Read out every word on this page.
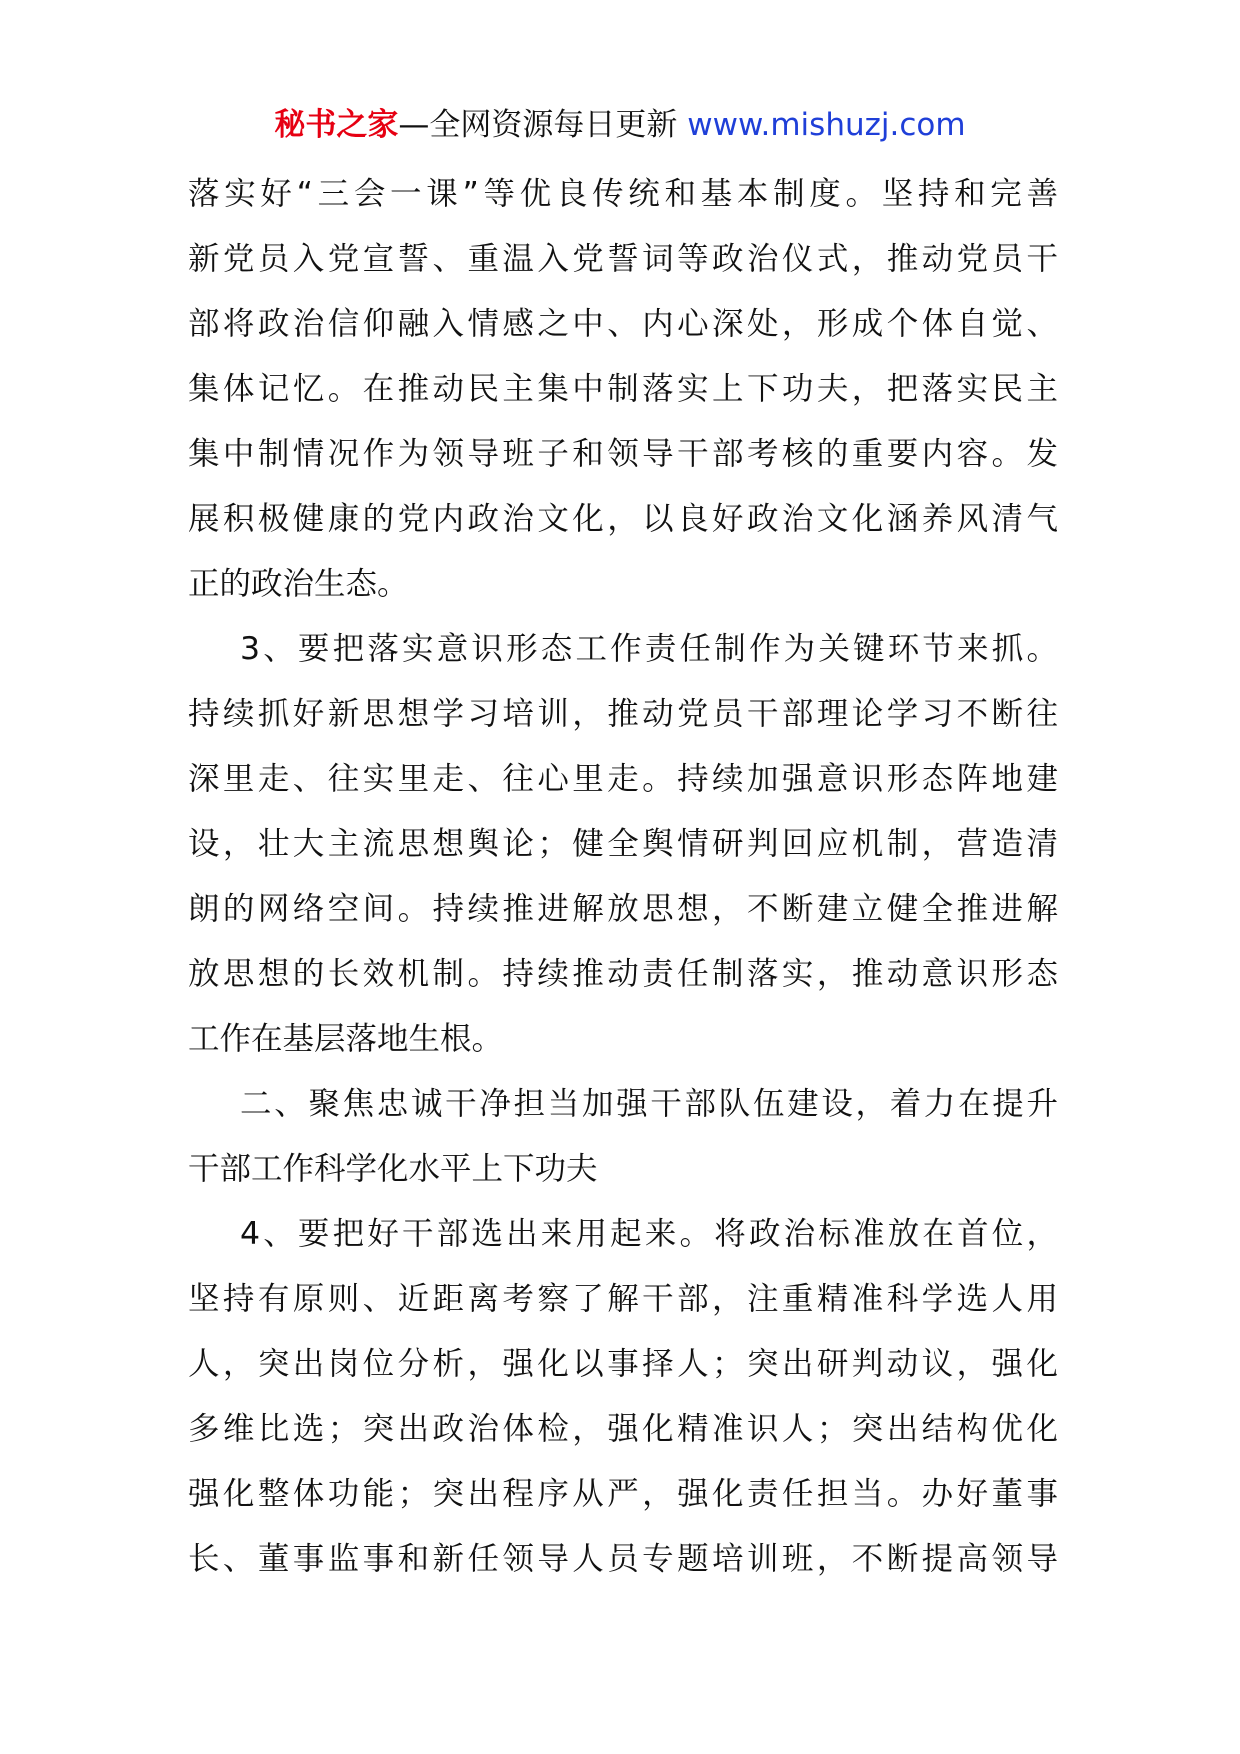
秘书之家—全网资源每日更新 www.mishuzj.com
落实好“三会一课”等优良传统和基本制度。坚持和完善
新党员入党宣誓、重温入党誓词等政治仪式，推动党员干
部将政治信仰融入情感之中、内心深处，形成个体自觉、
集体记忆。在推动民主集中制落实上下功夫，把落实民主
集中制情况作为领导班子和领导干部考核的重要内容。发
展积极健康的党内政治文化，以良好政治文化涵养风清气
正的政治生态。
3、要把落实意识形态工作责任制作为关键环节来抓。
持续抓好新思想学习培训，推动党员干部理论学习不断往
深里走、往实里走、往心里走。持续加强意识形态阵地建
设，壮大主流思想舆论；健全舆情研判回应机制，营造清
朗的网络空间。持续推进解放思想，不断建立健全推进解
放思想的长效机制。持续推动责任制落实，推动意识形态
工作在基层落地生根。
二、聚焦忠诚干净担当加强干部队伍建设，着力在提升
干部工作科学化水平上下功夫
4、要把好干部选出来用起来。将政治标准放在首位，
坚持有原则、近距离考察了解干部，注重精准科学选人用
人，突出岗位分析，强化以事择人；突出研判动议，强化
多维比选；突出政治体检，强化精准识人；突出结构优化
强化整体功能；突出程序从严，强化责任担当。办好董事
长、董事监事和新任领导人员专题培训班，不断提高领导
